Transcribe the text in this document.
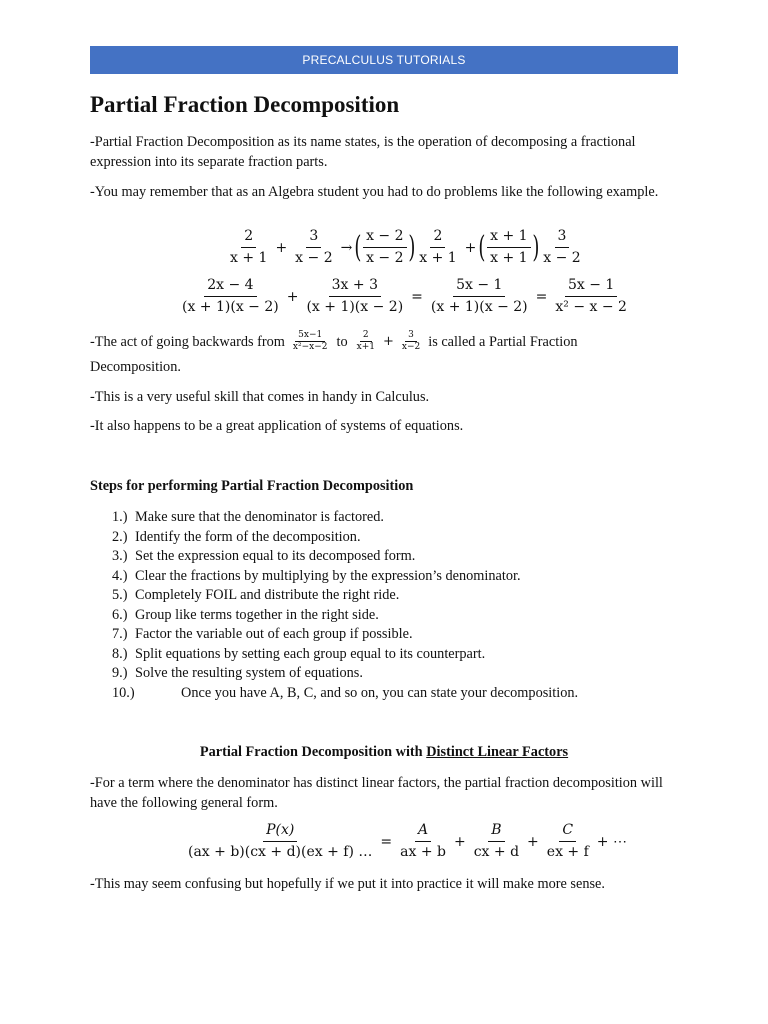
PRECALCULUS TUTORIALS
Partial Fraction Decomposition

-Partial Fraction Decomposition as its name states, is the operation of decomposing a fractional expression into its separate fraction parts.

-You may remember that as an Algebra student you had to do problems like the following example.

$\frac{2}{x + 1} + \frac{3}{x - 2}$ → ( $\frac{x - 2}{x - 2}$ ) $\frac{2}{x + 1}$ + ( $\frac{x + 1}{x + 1}$ ) $\frac{3}{x - 2}$
$\frac{2x - 4}{(x + 1)(x - 2)} + \frac{3x + 3}{(x + 1)(x - 2)} = \frac{5x - 1}{(x + 1)(x - 2)} = \frac{5x - 1}{\text{x² − x − 2}}$
-The act of going backwards from $\frac{5x-1}{\text{x²−x−2}}$ to $\frac{2}{x+1} + \frac{3}{x-2}$ is called a Partial Fraction

Decomposition.

-This is a very useful skill that comes in handy in Calculus.

-It also happens to be a great application of systems of equations.

Steps for performing Partial Fraction Decomposition
1.) Make sure that the denominator is factored.
2.) Identify the form of the decomposition.
3.) Set the expression equal to its decomposed form.
4.) Clear the fractions by multiplying by the expression’s denominator.
5.) Completely FOIL and distribute the right ride.
6.) Group like terms together in the right side.
7.) Factor the variable out of each group if possible.
8.) Split equations by setting each group equal to its counterpart.
9.) Solve the resulting system of equations.
10.)	Once you have A, B, C, and so on, you can state your decomposition.
Partial Fraction Decomposition with Distinct Linear Factors

-For a term where the denominator has distinct linear factors, the partial fraction decomposition will have the following general form.

$\frac{P(x)}{(ax + b)(cx + d)(ex + f) \dots} = \frac{A}{ax + b} + \frac{B}{cx + d} + \frac{C}{ex + f}$ + ⋯

-This may seem confusing but hopefully if we put it into practice it will make more sense.
